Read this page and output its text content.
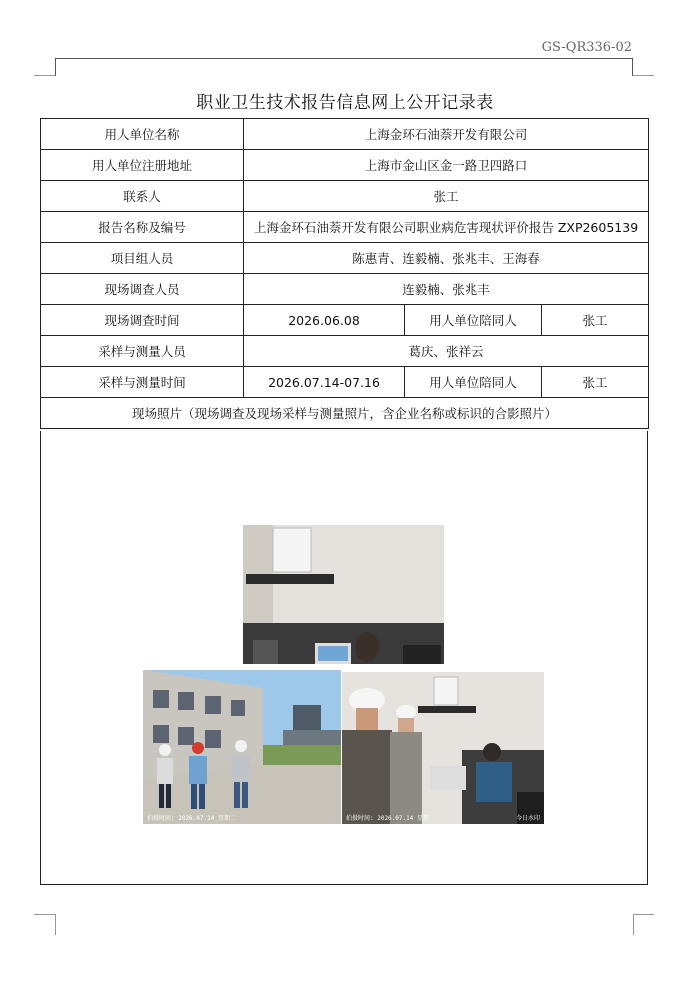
GS-QR336-02
职业卫生技术报告信息网上公开记录表
用人单位名称	上海金环石油萘开发有限公司		
用人单位注册地址	上海市金山区金一路卫四路口		
联系人	张工		
报告名称及编号	上海金环石油萘开发有限公司职业病危害现状评价报告 ZXP2605139		
项目组人员	陈惠青、连毅楠、张兆丰、王海春		
现场调查人员	连毅楠、张兆丰		
现场调查时间	2026.06.08	用人单位陪同人	张工
采样与测量人员	葛庆、张祥云		
采样与测量时间	2026.07.14-07.16	用人单位陪同人	张工
现场照片（现场调查及现场采样与测量照片，含企业名称或标识的合影照片）			
拍摄时间: 2026.07.14 星期二	拍摄时间: 2026.07.14 星期二	今日水印
